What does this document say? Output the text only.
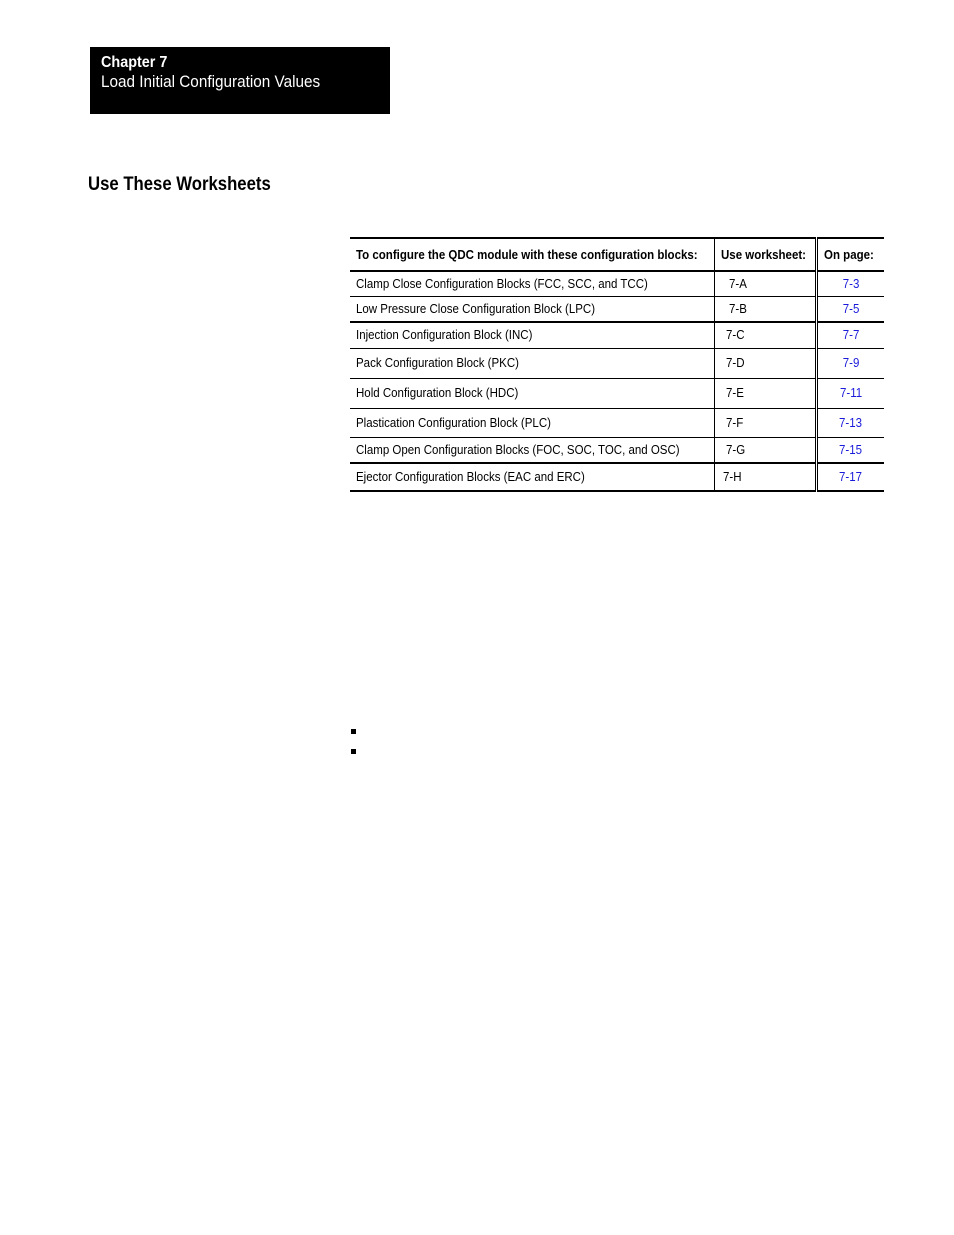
Chapter 7
Load Initial Configuration Values
Use These Worksheets
To configure the QDC module with these configuration blocks:	Use worksheet:	On page:
Clamp Close Configuration Blocks (FCC, SCC, and TCC)	7-A	7-3
Low Pressure Close Configuration Block (LPC)	7-B	7-5
Injection Configuration Block (INC)	7-C	7-7
Pack Configuration Block (PKC)	7-D	7-9
Hold Configuration Block (HDC)	7-E	7-11
Plastication Configuration Block (PLC)	7-F	7-13
Clamp Open Configuration Blocks (FOC, SOC, TOC, and OSC)	7-G	7-15
Ejector Configuration Blocks (EAC and ERC)	7-H	7-17
